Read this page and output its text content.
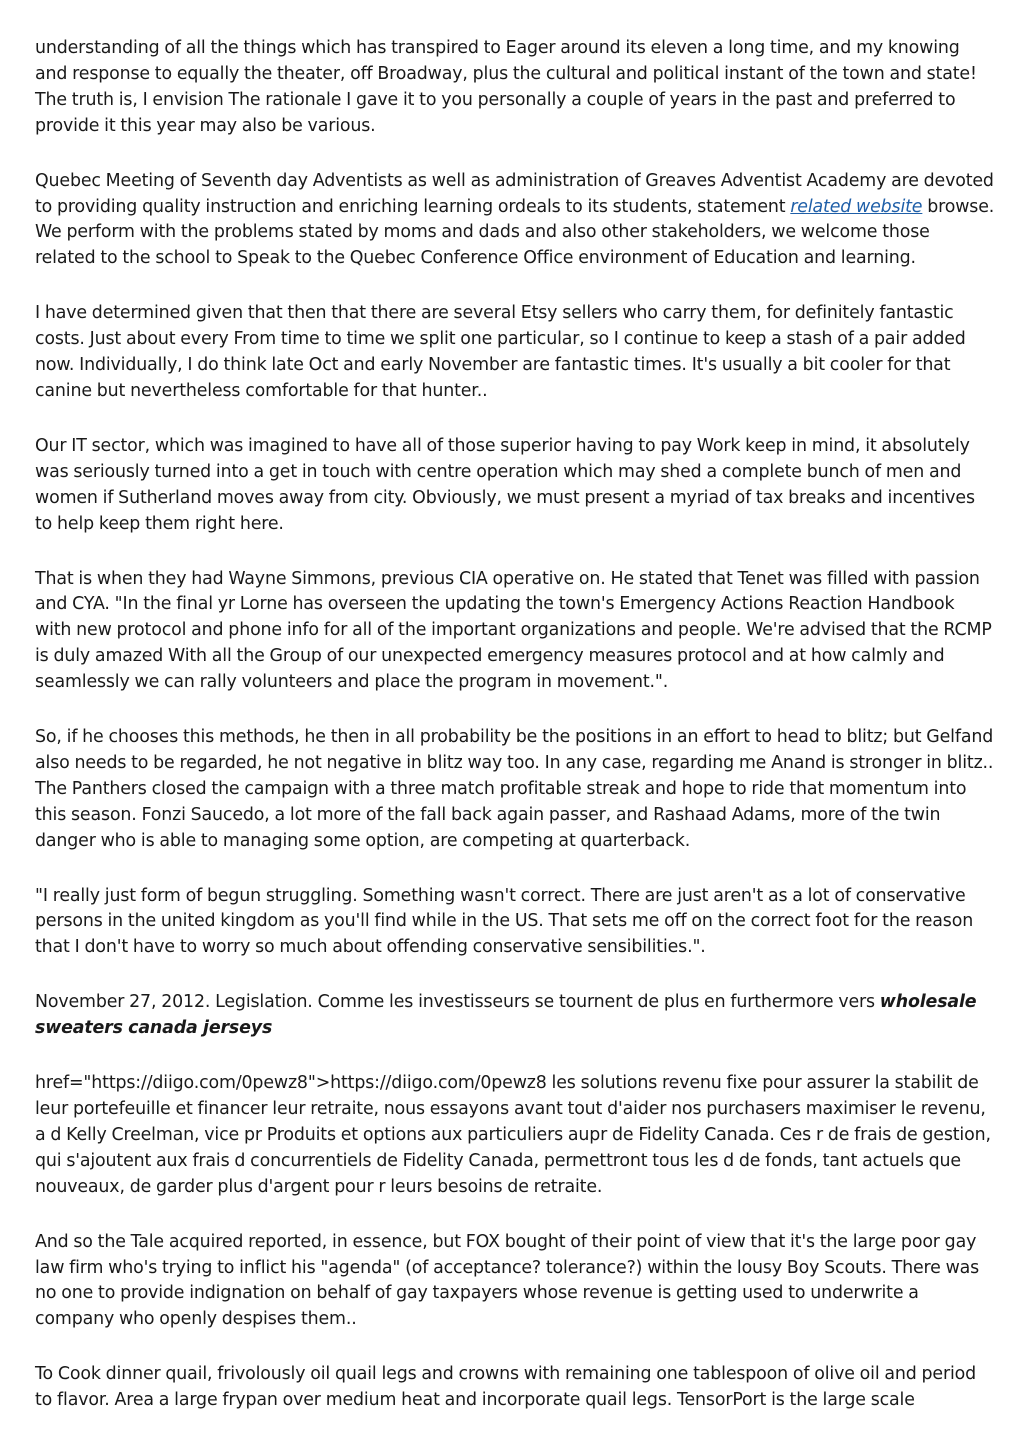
understanding of all the things which has transpired to Eager around its eleven a long time, and my knowing and response to equally the theater, off Broadway, plus the cultural and political instant of the town and state! The truth is, I envision The rationale I gave it to you personally a couple of years in the past and preferred to provide it this year may also be various.

Quebec Meeting of Seventh day Adventists as well as administration of Greaves Adventist Academy are devoted to providing quality instruction and enriching learning ordeals to its students, statement related website browse. We perform with the problems stated by moms and dads and also other stakeholders, we welcome those related to the school to Speak to the Quebec Conference Office environment of Education and learning.

I have determined given that then that there are several Etsy sellers who carry them, for definitely fantastic costs. Just about every From time to time we split one particular, so I continue to keep a stash of a pair added now. Individually, I do think late Oct and early November are fantastic times. It's usually a bit cooler for that canine but nevertheless comfortable for that hunter..

Our IT sector, which was imagined to have all of those superior having to pay Work keep in mind, it absolutely was seriously turned into a get in touch with centre operation which may shed a complete bunch of men and women if Sutherland moves away from city. Obviously, we must present a myriad of tax breaks and incentives to help keep them right here.

That is when they had Wayne Simmons, previous CIA operative on. He stated that Tenet was filled with passion and CYA. "In the final yr Lorne has overseen the updating the town's Emergency Actions Reaction Handbook with new protocol and phone info for all of the important organizations and people. We're advised that the RCMP is duly amazed With all the Group of our unexpected emergency measures protocol and at how calmly and seamlessly we can rally volunteers and place the program in movement.".

So, if he chooses this methods, he then in all probability be the positions in an effort to head to blitz; but Gelfand also needs to be regarded, he not negative in blitz way too. In any case, regarding me Anand is stronger in blitz.. The Panthers closed the campaign with a three match profitable streak and hope to ride that momentum into this season. Fonzi Saucedo, a lot more of the fall back again passer, and Rashaad Adams, more of the twin danger who is able to managing some option, are competing at quarterback.

"I really just form of begun struggling. Something wasn't correct. There are just aren't as a lot of conservative persons in the united kingdom as you'll find while in the US. That sets me off on the correct foot for the reason that I don't have to worry so much about offending conservative sensibilities.".

November 27, 2012. Legislation. Comme les investisseurs se tournent de plus en furthermore vers wholesale sweaters canada jerseys

href="https://diigo.com/0pewz8">https://diigo.com/0pewz8 les solutions revenu fixe pour assurer la stabilit de leur portefeuille et financer leur retraite, nous essayons avant tout d'aider nos purchasers maximiser le revenu, a d Kelly Creelman, vice pr Produits et options aux particuliers aupr de Fidelity Canada. Ces r de frais de gestion, qui s'ajoutent aux frais d concurrentiels de Fidelity Canada, permettront tous les d de fonds, tant actuels que nouveaux, de garder plus d'argent pour r leurs besoins de retraite.

And so the Tale acquired reported, in essence, but FOX bought of their point of view that it's the large poor gay law firm who's trying to inflict his "agenda" (of acceptance? tolerance?) within the lousy Boy Scouts. There was no one to provide indignation on behalf of gay taxpayers whose revenue is getting used to underwrite a company who openly despises them..

To Cook dinner quail, frivolously oil quail legs and crowns with remaining one tablespoon of olive oil and period to flavor. Area a large frypan over medium heat and incorporate quail legs. TensorPort is the large scale
